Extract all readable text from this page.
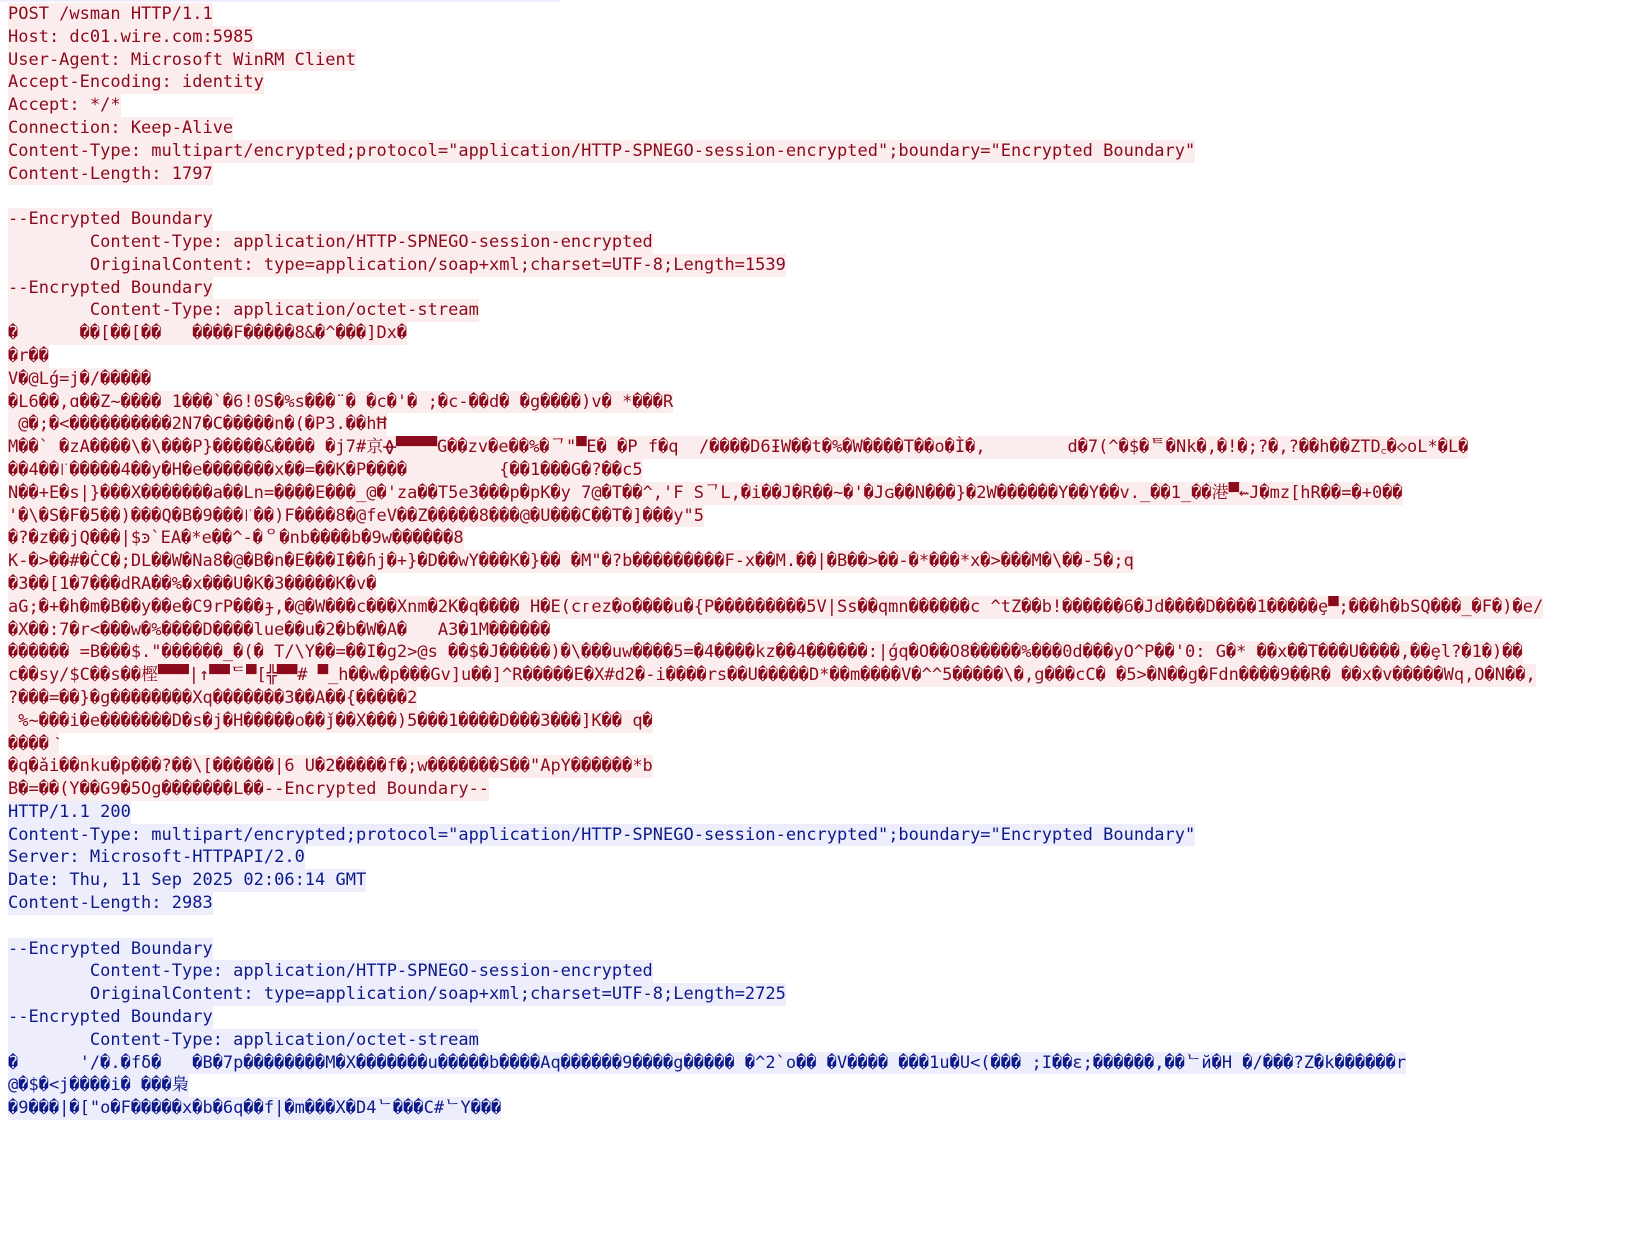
POST /wsman HTTP/1.1
Host: dc01.wire.com:5985
User-Agent: Microsoft WinRM Client
Accept-Encoding: identity
Accept: */*
Connection: Keep-Alive
Content-Type: multipart/encrypted;protocol="application/HTTP-SPNEGO-session-encrypted";boundary="Encrypted Boundary"
Content-Length: 1797
--Encrypted Boundary
Content-Type: application/HTTP-SPNEGO-session-encrypted
OriginalContent: type=application/soap+xml;charset=UTF-8;Length=1539
--Encrypted Boundary
Content-Type: application/octet-stream
�      ��[��[��   ����F�����8&�^���]Dx�
�r��
V�@Lǵ=j�/�����
�L6��,ɑ��Z~���� 1���`�6!0S�%s���¨� �c�'� ;�c-��d� �g����)v� *���R
@�;�<����������2N7�C�����n�(�P3.��hĦ
M��` �zA����\�\���P}�����&���� �j7#京ᚖ▀▀▀▀G��zv�e��%�ᄀ"▀E� �P f�q  /����D6ƗW��t�%�W����T��o�Ì�,        d�7(^�$�ᄐ�Nk�,�!�;?�,?��h��ZTD꜀�◇oL*�L�
��4��꜍�����4��y�H�e�������x��=��K�P����         {��1���G�?��c5
N��+E�s|}���X�������a��Ln=����E���_@�'za��T5e3���p�pK�y 7@�T��^,'F SᄀL,�i��J�R��~�'�Jɢ��N���}�2W������Y��Y��v._��1_��港▀⇜J�mz[hR��=�+0��
'�\�S�F�5��)���Q�B�9���꜍��)F����8�@feV��Z�����8���@�U���C��T�]���y"5
�?�z��jQ���|$ꜿ`EA�*e��^-�ᄋ�nb����b�9w������8
K-�>��#�ĊC�;DL��W�Na8�@�B�n�E���I��ɦj�+}�D��wY���K�}�� �M"�?b���������F-x��M.��|�B��>��-�*���*x�>���M�\��-5�;q
�3��[1�7���dRA��%�x���U�K�3�����K�v�
aG;�+�h�m�B��y��e�C9rP���ɟ,�@�W���c���Xnm�2K�q���� H�E(cᴦez�o����u�{P���������5V|Ss��qmn������c ^tZ��b!������6�Jd����D����1�����ȩ▀;���h�bSQ���_�F�)�e/
�X��:7�r<���w�%����D����lue��u�2�b�W�A�   A3�1M������
������ =B���$."������_�(� T/\Y��=��I�g2>@s ��$�J�����)�\���uw����5=�4����kz��4������:|ǵq�O��O8�����%���0d���yO^P��'0: G�* ��x��T���U����,��ȩl?�1�)��
c��sy/$C��s��樫▀▀▀|↑▀▀ᄃ▀[╬▀▀# ▀_h��w�p���Gv]u��]^R�����E�X#d2�-i����rs��U�����D*��m����V�^^5�����\�,g���cC� �5>�N��g�Fdn����9��R� ��x�v�����Wq,O�N��,
?���=��}�g��������Xq�������3��A��{�����2
%~���i�e�������D�s�j�H�����o��ǰ��X���)5���1����D���3���]K�� q�
���� ᷃
�q�ǎi��nku�p���?��\[������|6 U�2�����f�;w�������S��"ApY������*b
B�=��(Y��G9�5Og�������L��--Encrypted Boundary--
HTTP/1.1 200
Content-Type: multipart/encrypted;protocol="application/HTTP-SPNEGO-session-encrypted";boundary="Encrypted Boundary"
Server: Microsoft-HTTPAPI/2.0
Date: Thu, 11 Sep 2025 02:06:14 GMT
Content-Length: 2983
--Encrypted Boundary
Content-Type: application/HTTP-SPNEGO-session-encrypted
OriginalContent: type=application/soap+xml;charset=UTF-8;Length=2725
--Encrypted Boundary
Content-Type: application/octet-stream
�      '/�.�fδ�   �B�7p��������M�X�������u�����b����Aq������9����g����� �^2`o�� �V���� ���1u�U<(��� ;I��ɛ;������,��ᄂй�H �/���?Z�k������r
@�$�<j����i� ���梟
�9���|�["o�F�����x�b�6q��f|�m���X�D4ᄂ���C#ᄂY���
